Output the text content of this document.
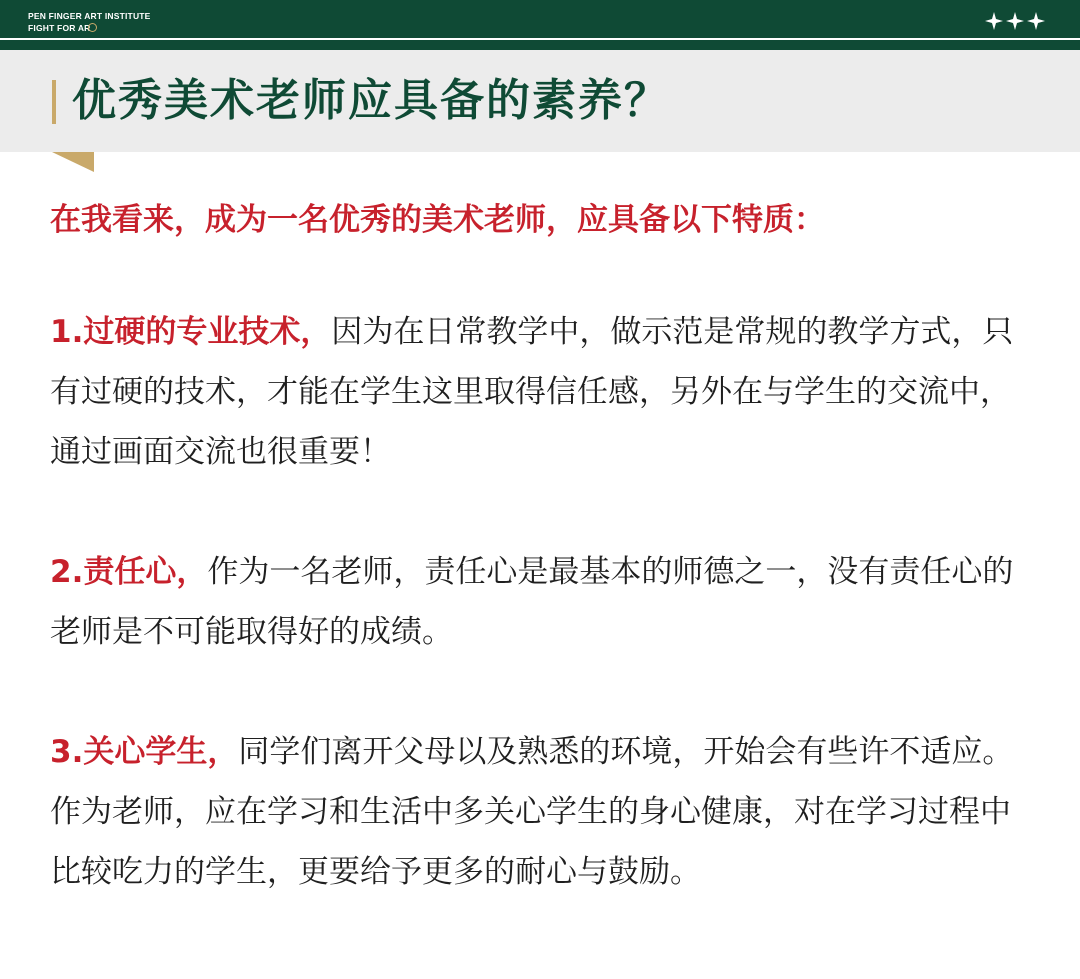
PEN FINGER ART INSTITUTE
FIGHT FOR AR
优秀美术老师应具备的素养？

在我看来，成为一名优秀的美术老师，应具备以下特质：

1.过硬的专业技术，因为在日常教学中，做示范是常规的教学方式，只有过硬的技术，才能在学生这里取得信任感，另外在与学生的交流中，通过画面交流也很重要！

2.责任心，作为一名老师，责任心是最基本的师德之一，没有责任心的老师是不可能取得好的成绩。

3.关心学生，同学们离开父母以及熟悉的环境，开始会有些许不适应。作为老师，应在学习和生活中多关心学生的身心健康，对在学习过程中比较吃力的学生，更要给予更多的耐心与鼓励。
